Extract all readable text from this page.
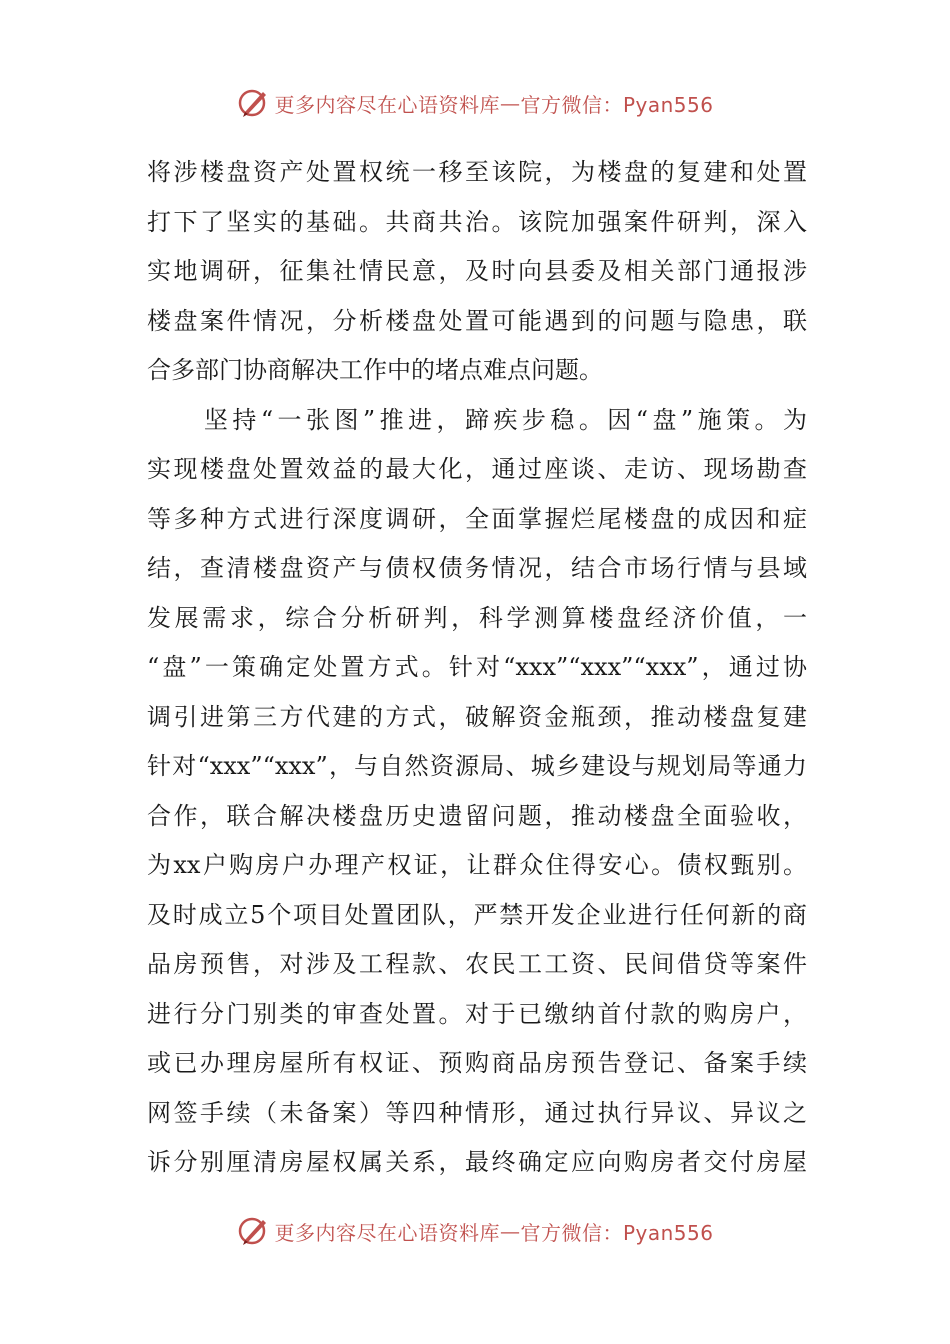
更多内容尽在心语资料库 — 官方微信：Pyan556
将涉楼盘资产处置权统一移至该院，为楼盘的复建和处置
打下了坚实的基础。共商共治。该院加强案件研判，深入
实地调研，征集社情民意，及时向县委及相关部门通报涉
楼盘案件情况，分析楼盘处置可能遇到的问题与隐患，联
合多部门协商解决工作中的堵点难点问题。
　　坚持“一张图”推进，蹄疾步稳。因“盘”施策。为
实现楼盘处置效益的最大化，通过座谈、走访、现场勘查
等多种方式进行深度调研，全面掌握烂尾楼盘的成因和症
结，查清楼盘资产与债权债务情况，结合市场行情与县域
发展需求，综合分析研判，科学测算楼盘经济价值，一
“盘”一策确定处置方式。针对“xxx”“xxx”“xxx”，通过协
调引进第三方代建的方式，破解资金瓶颈，推动楼盘复建
针对“xxx”“xxx”，与自然资源局、城乡建设与规划局等通力
合作，联合解决楼盘历史遗留问题，推动楼盘全面验收，
为xx户购房户办理产权证，让群众住得安心。债权甄别。
及时成立5个项目处置团队，严禁开发企业进行任何新的商
品房预售，对涉及工程款、农民工工资、民间借贷等案件
进行分门别类的审查处置。对于已缴纳首付款的购房户，
或已办理房屋所有权证、预购商品房预告登记、备案手续
网签手续（未备案）等四种情形，通过执行异议、异议之
诉分别厘清房屋权属关系，最终确定应向购房者交付房屋
更多内容尽在心语资料库 — 官方微信：Pyan556
